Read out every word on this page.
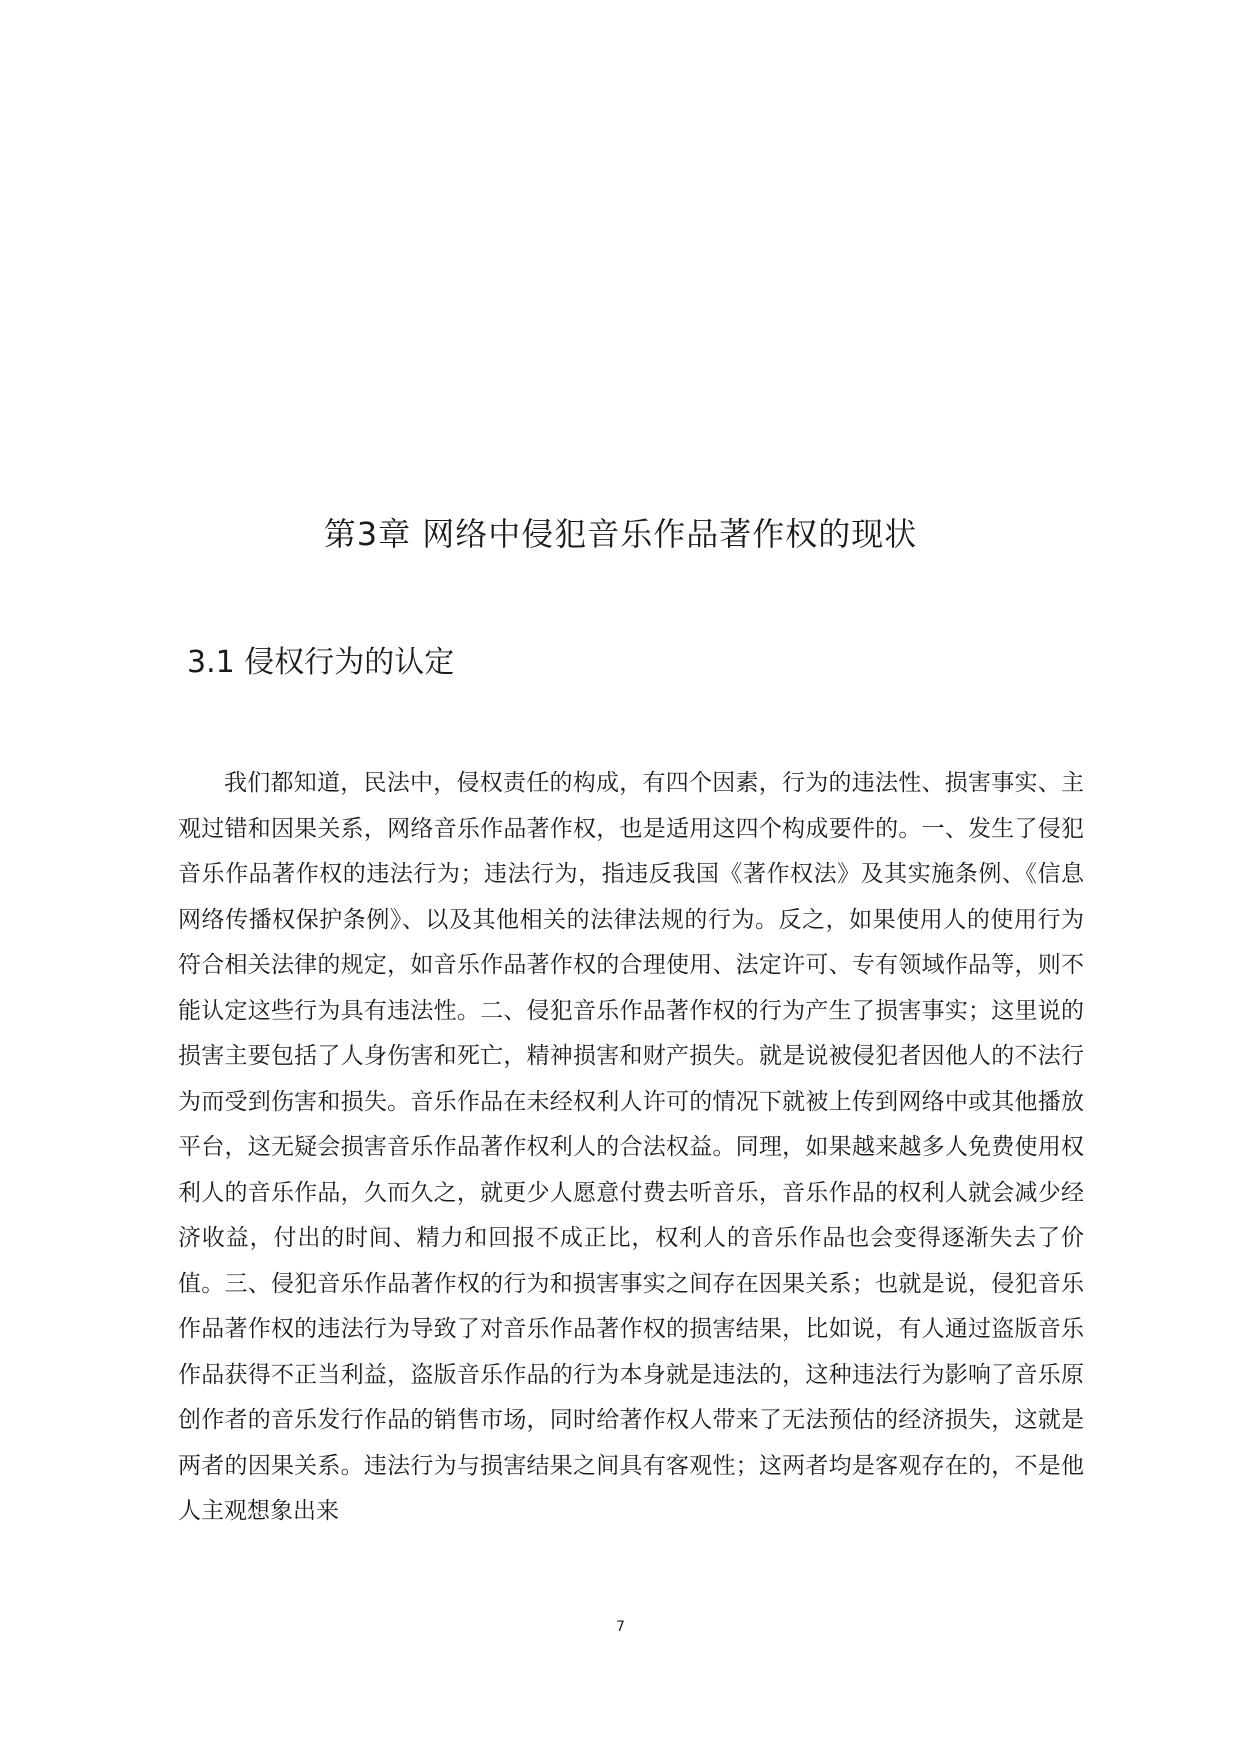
第3章 网络中侵犯音乐作品著作权的现状
3.1 侵权行为的认定

我们都知道，民法中，侵权责任的构成，有四个因素，行为的违法性、损害事实、主观过错和因果关系，网络音乐作品著作权，也是适用这四个构成要件的。一、发生了侵犯音乐作品著作权的违法行为；违法行为，指违反我国《著作权法》及其实施条例、《信息网络传播权保护条例》、以及其他相关的法律法规的行为。反之，如果使用人的使用行为符合相关法律的规定，如音乐作品著作权的合理使用、法定许可、专有领域作品等，则不能认定这些行为具有违法性。二、侵犯音乐作品著作权的行为产生了损害事实；这里说的损害主要包括了人身伤害和死亡，精神损害和财产损失。就是说被侵犯者因他人的不法行为而受到伤害和损失。音乐作品在未经权利人许可的情况下就被上传到网络中或其他播放平台，这无疑会损害音乐作品著作权利人的合法权益。同理，如果越来越多人免费使用权利人的音乐作品，久而久之，就更少人愿意付费去听音乐，音乐作品的权利人就会减少经济收益，付出的时间、精力和回报不成正比，权利人的音乐作品也会变得逐渐失去了价值。三、侵犯音乐作品著作权的行为和损害事实之间存在因果关系；也就是说，侵犯音乐作品著作权的违法行为导致了对音乐作品著作权的损害结果，比如说，有人通过盗版音乐作品获得不正当利益，盗版音乐作品的行为本身就是违法的，这种违法行为影响了音乐原创作者的音乐发行作品的销售市场，同时给著作权人带来了无法预估的经济损失，这就是两者的因果关系。违法行为与损害结果之间具有客观性；这两者均是客观存在的，不是他人主观想象出来

7
